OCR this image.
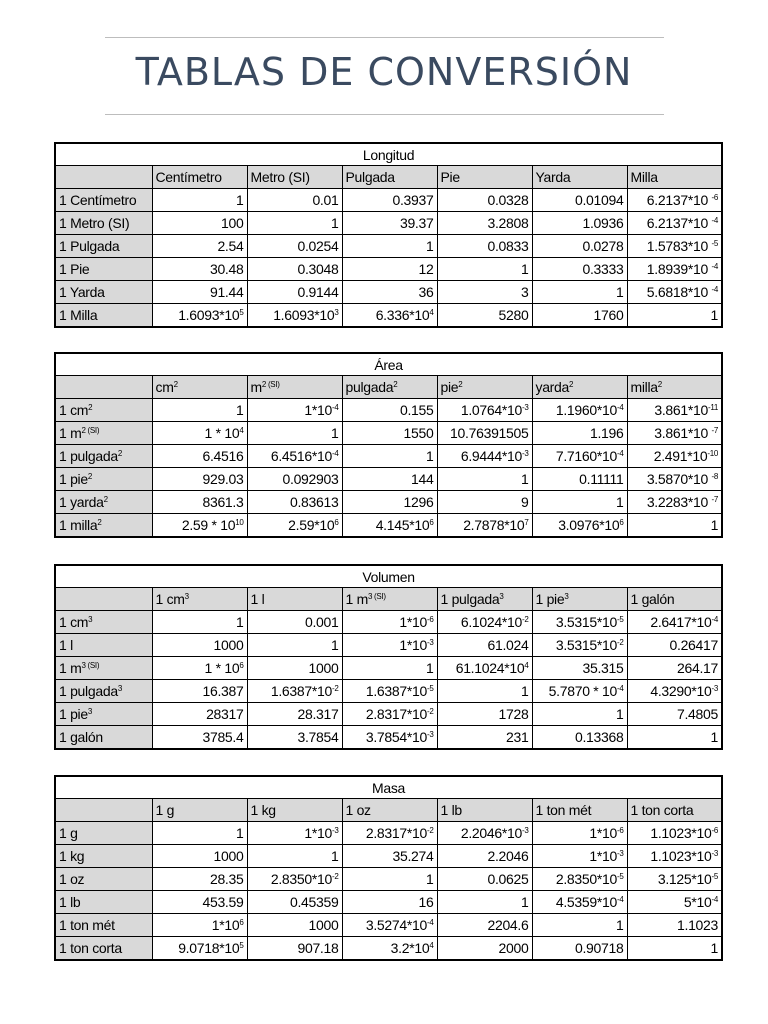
TABLAS DE CONVERSIÓN
Longitud						
	Centímetro	Metro (SI)	Pulgada	Pie	Yarda	Milla
1 Centímetro	1	0.01	0.3937	0.0328	0.01094	6.2137*10 $^{-6}$
1 Metro (SI)	100	1	39.37	3.2808	1.0936	6.2137*10 $^{-4}$
1 Pulgada	2.54	0.0254	1	0.0833	0.0278	1.5783*10 $^{-5}$
1 Pie	30.48	0.3048	12	1	0.3333	1.8939*10 $^{-4}$
1 Yarda	91.44	0.9144	36	3	1	5.6818*10 $^{-4}$
1 Milla	$1.6093*10^5$	$1.6093*10^3$	$6.336*10^4$	5280	1760	1
Área						
	$cm^2$	$m^{2 (SI)}$	pulgada$^2$	pie$^2$	yarda$^2$	milla$^2$
1 $cm^2$	1	$1*10^{-4}$	0.155	$1.0764*10^{-3}$	$1.1960*10^{-4}$	$3.861*10^{-11}$
1 $m^{2 (SI)}$	$1 * 10^4$	1	1550	10.76391505	1.196	3.861*10 $^{-7}$
1 pulgada$^2$	6.4516	$6.4516*10^{-4}$	1	$6.9444*10^{-3}$	$7.7160*10^{-4}$	$2.491*10^{-10}$
1 pie$^2$	929.03	0.092903	144	1	0.11111	3.5870*10 $^{-8}$
1 yarda$^2$	8361.3	0.83613	1296	9	1	3.2283*10 $^{-7}$
1 milla$^2$	$2.59 * 10^{10}$	$2.59*10^6$	$4.145*10^6$	$2.7878*10^7$	$3.0976*10^6$	1
Volumen						
	1 $cm^3$	1 l	1 $m^{3 (SI)}$	1 pulgada$^3$	1 pie$^3$	1 galón
1 $cm^3$	1	0.001	$1*10^{-6}$	$6.1024*10^{-2}$	$3.5315*10^{-5}$	$2.6417*10^{-4}$
1 l	1000	1	$1*10^{-3}$	61.024	$3.5315*10^{-2}$	0.26417
1 $m^{3 (SI)}$	$1 * 10^6$	1000	1	$61.1024*10^4$	35.315	264.17
1 pulgada$^3$	16.387	$1.6387*10^{-2}$	$1.6387*10^{-5}$	1	$5.7870 * 10^{-4}$	$4.3290*10^{-3}$
1 pie$^3$	28317	28.317	$2.8317*10^{-2}$	1728	1	7.4805
1 galón	3785.4	3.7854	$3.7854*10^{-3}$	231	0.13368	1
Masa						
	1 g	1 kg	1 oz	1 lb	1 ton mét	1 ton corta
1 g	1	$1*10^{-3}$	$2.8317*10^{-2}$	$2.2046*10^{-3}$	$1*10^{-6}$	$1.1023*10^{-6}$
1 kg	1000	1	35.274	2.2046	$1*10^{-3}$	$1.1023*10^{-3}$
1 oz	28.35	$2.8350*10^{-2}$	1	0.0625	$2.8350*10^{-5}$	$3.125*10^{-5}$
1 lb	453.59	0.45359	16	1	$4.5359*10^{-4}$	$5*10^{-4}$
1 ton mét	$1*10^6$	1000	$3.5274*10^{-4}$	2204.6	1	1.1023
1 ton corta	$9.0718*10^5$	907.18	$3.2*10^4$	2000	0.90718	1
